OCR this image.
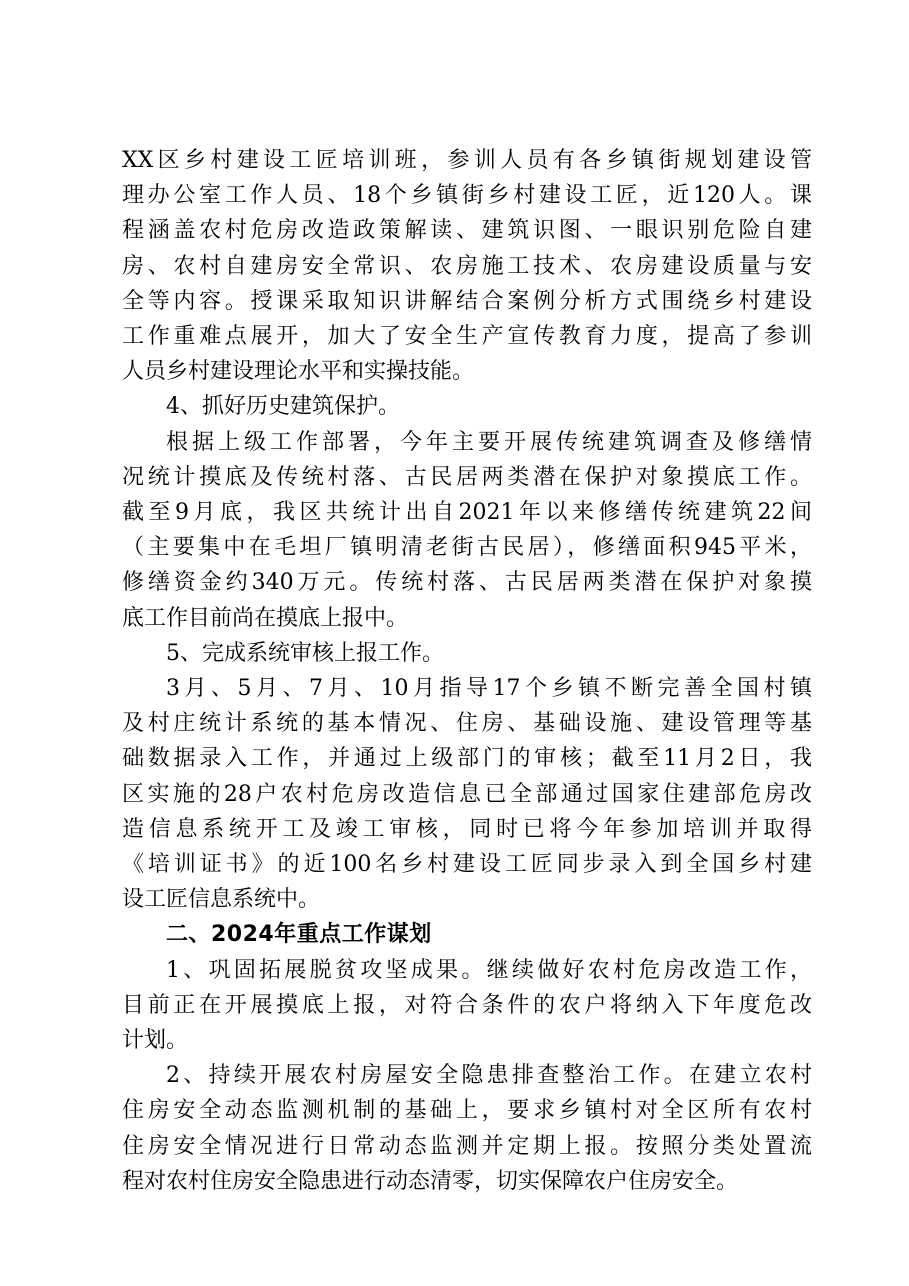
XX区乡村建设工匠培训班，参训人员有各乡镇街规划建设管
理办公室工作人员、18个乡镇街乡村建设工匠，近120人。课
程涵盖农村危房改造政策解读、建筑识图、一眼识别危险自建
房、农村自建房安全常识、农房施工技术、农房建设质量与安
全等内容。授课采取知识讲解结合案例分析方式围绕乡村建设
工作重难点展开，加大了安全生产宣传教育力度，提高了参训
人员乡村建设理论水平和实操技能。

4、抓好历史建筑保护。

根据上级工作部署，今年主要开展传统建筑调查及修缮情
况统计摸底及传统村落、古民居两类潜在保护对象摸底工作。
截至9月底，我区共统计出自2021年以来修缮传统建筑22间
（主要集中在毛坦厂镇明清老街古民居），修缮面积945平米，
修缮资金约340万元。传统村落、古民居两类潜在保护对象摸
底工作目前尚在摸底上报中。

5、完成系统审核上报工作。

3月、5月、7月、10月指导17个乡镇不断完善全国村镇
及村庄统计系统的基本情况、住房、基础设施、建设管理等基
础数据录入工作，并通过上级部门的审核；截至11月2日，我
区实施的28户农村危房改造信息已全部通过国家住建部危房改
造信息系统开工及竣工审核，同时已将今年参加培训并取得
《培训证书》的近100名乡村建设工匠同步录入到全国乡村建
设工匠信息系统中。

二、2024年重点工作谋划

1、巩固拓展脱贫攻坚成果。继续做好农村危房改造工作，
目前正在开展摸底上报，对符合条件的农户将纳入下年度危改
计划。

2、持续开展农村房屋安全隐患排查整治工作。在建立农村
住房安全动态监测机制的基础上，要求乡镇村对全区所有农村
住房安全情况进行日常动态监测并定期上报。按照分类处置流
程对农村住房安全隐患进行动态清零，切实保障农户住房安全。
